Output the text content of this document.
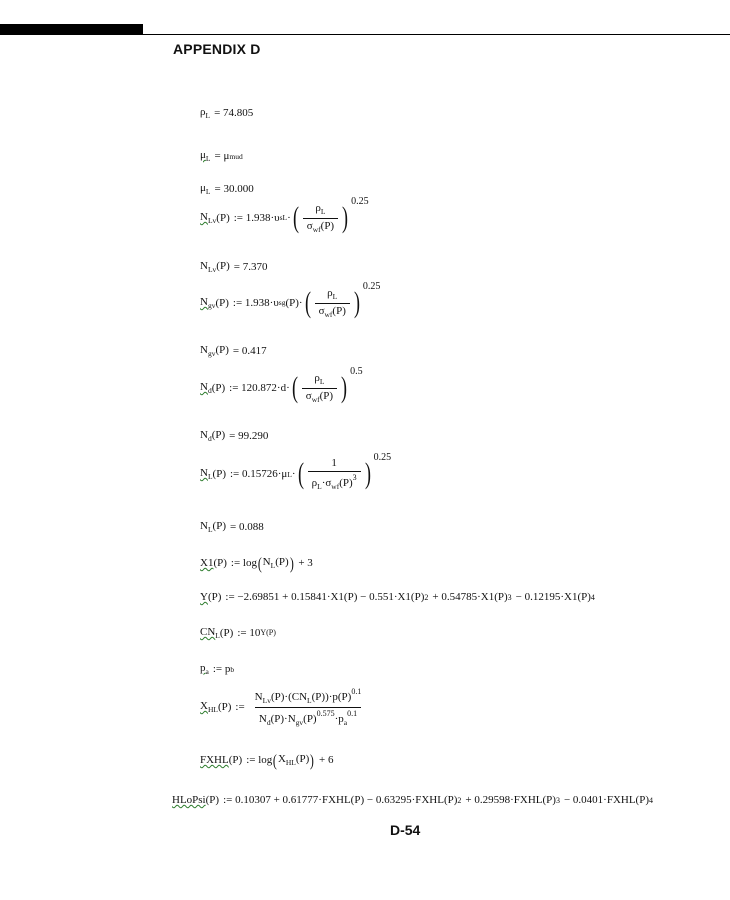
APPENDIX D
$\rho_L = 74.805$
$\mu_L = \mu$ mud
$\mu_L = 30.000$
$N_{Lv}$ (P) := 1.938·υ sL · ( $\frac{\rho_L}{\sigma_{wf}(P)}$ ) 0.25
$N_{Lv}(P) = 7.370$
$N_{gv}$ (P) := 1.938·υ sg (P)· ( $\frac{\rho_L}{\sigma_{wf}(P)}$ ) 0.25
$N_{gv}(P) = 0.417$
$N_d$ (P) := 120.872·d· ( $\frac{\rho_L}{\sigma_{wf}(P)}$ ) 0.5
$N_d(P) = 99.290$
$N_L$ (P) := 0.15726·μ L · ( $\frac{1}{\rho_L\cdot\sigma_{wf}(P)^3}$ ) 0.25
$N_L(P) = 0.088$
X1 (P) := log ( $N_L(P)$ ) + 3
Y (P) := −2.69851 + 0.15841·X1(P) − 0.551·X1(P) 2 + 0.54785·X1(P) 3 − 0.12195·X1(P) 4
$CN_L$ (P) := 10 Y(P)
$p_a$ := p b
$X_{HL}$ (P) := $\frac{N_{Lv}(P)\cdot(CN_L(P))\cdot p(P)^{0.1}}{N_d(P)\cdot N_{gv}(P)^{0.575}\cdot p_a^{0.1}}$
FXHL (P) := log ( $X_{HL}(P)$ ) + 6
HLoPsi (P) := 0.10307 + 0.61777·FXHL(P) − 0.63295·FXHL(P) 2 + 0.29598·FXHL(P) 3 − 0.0401·FXHL(P) 4
D-54
